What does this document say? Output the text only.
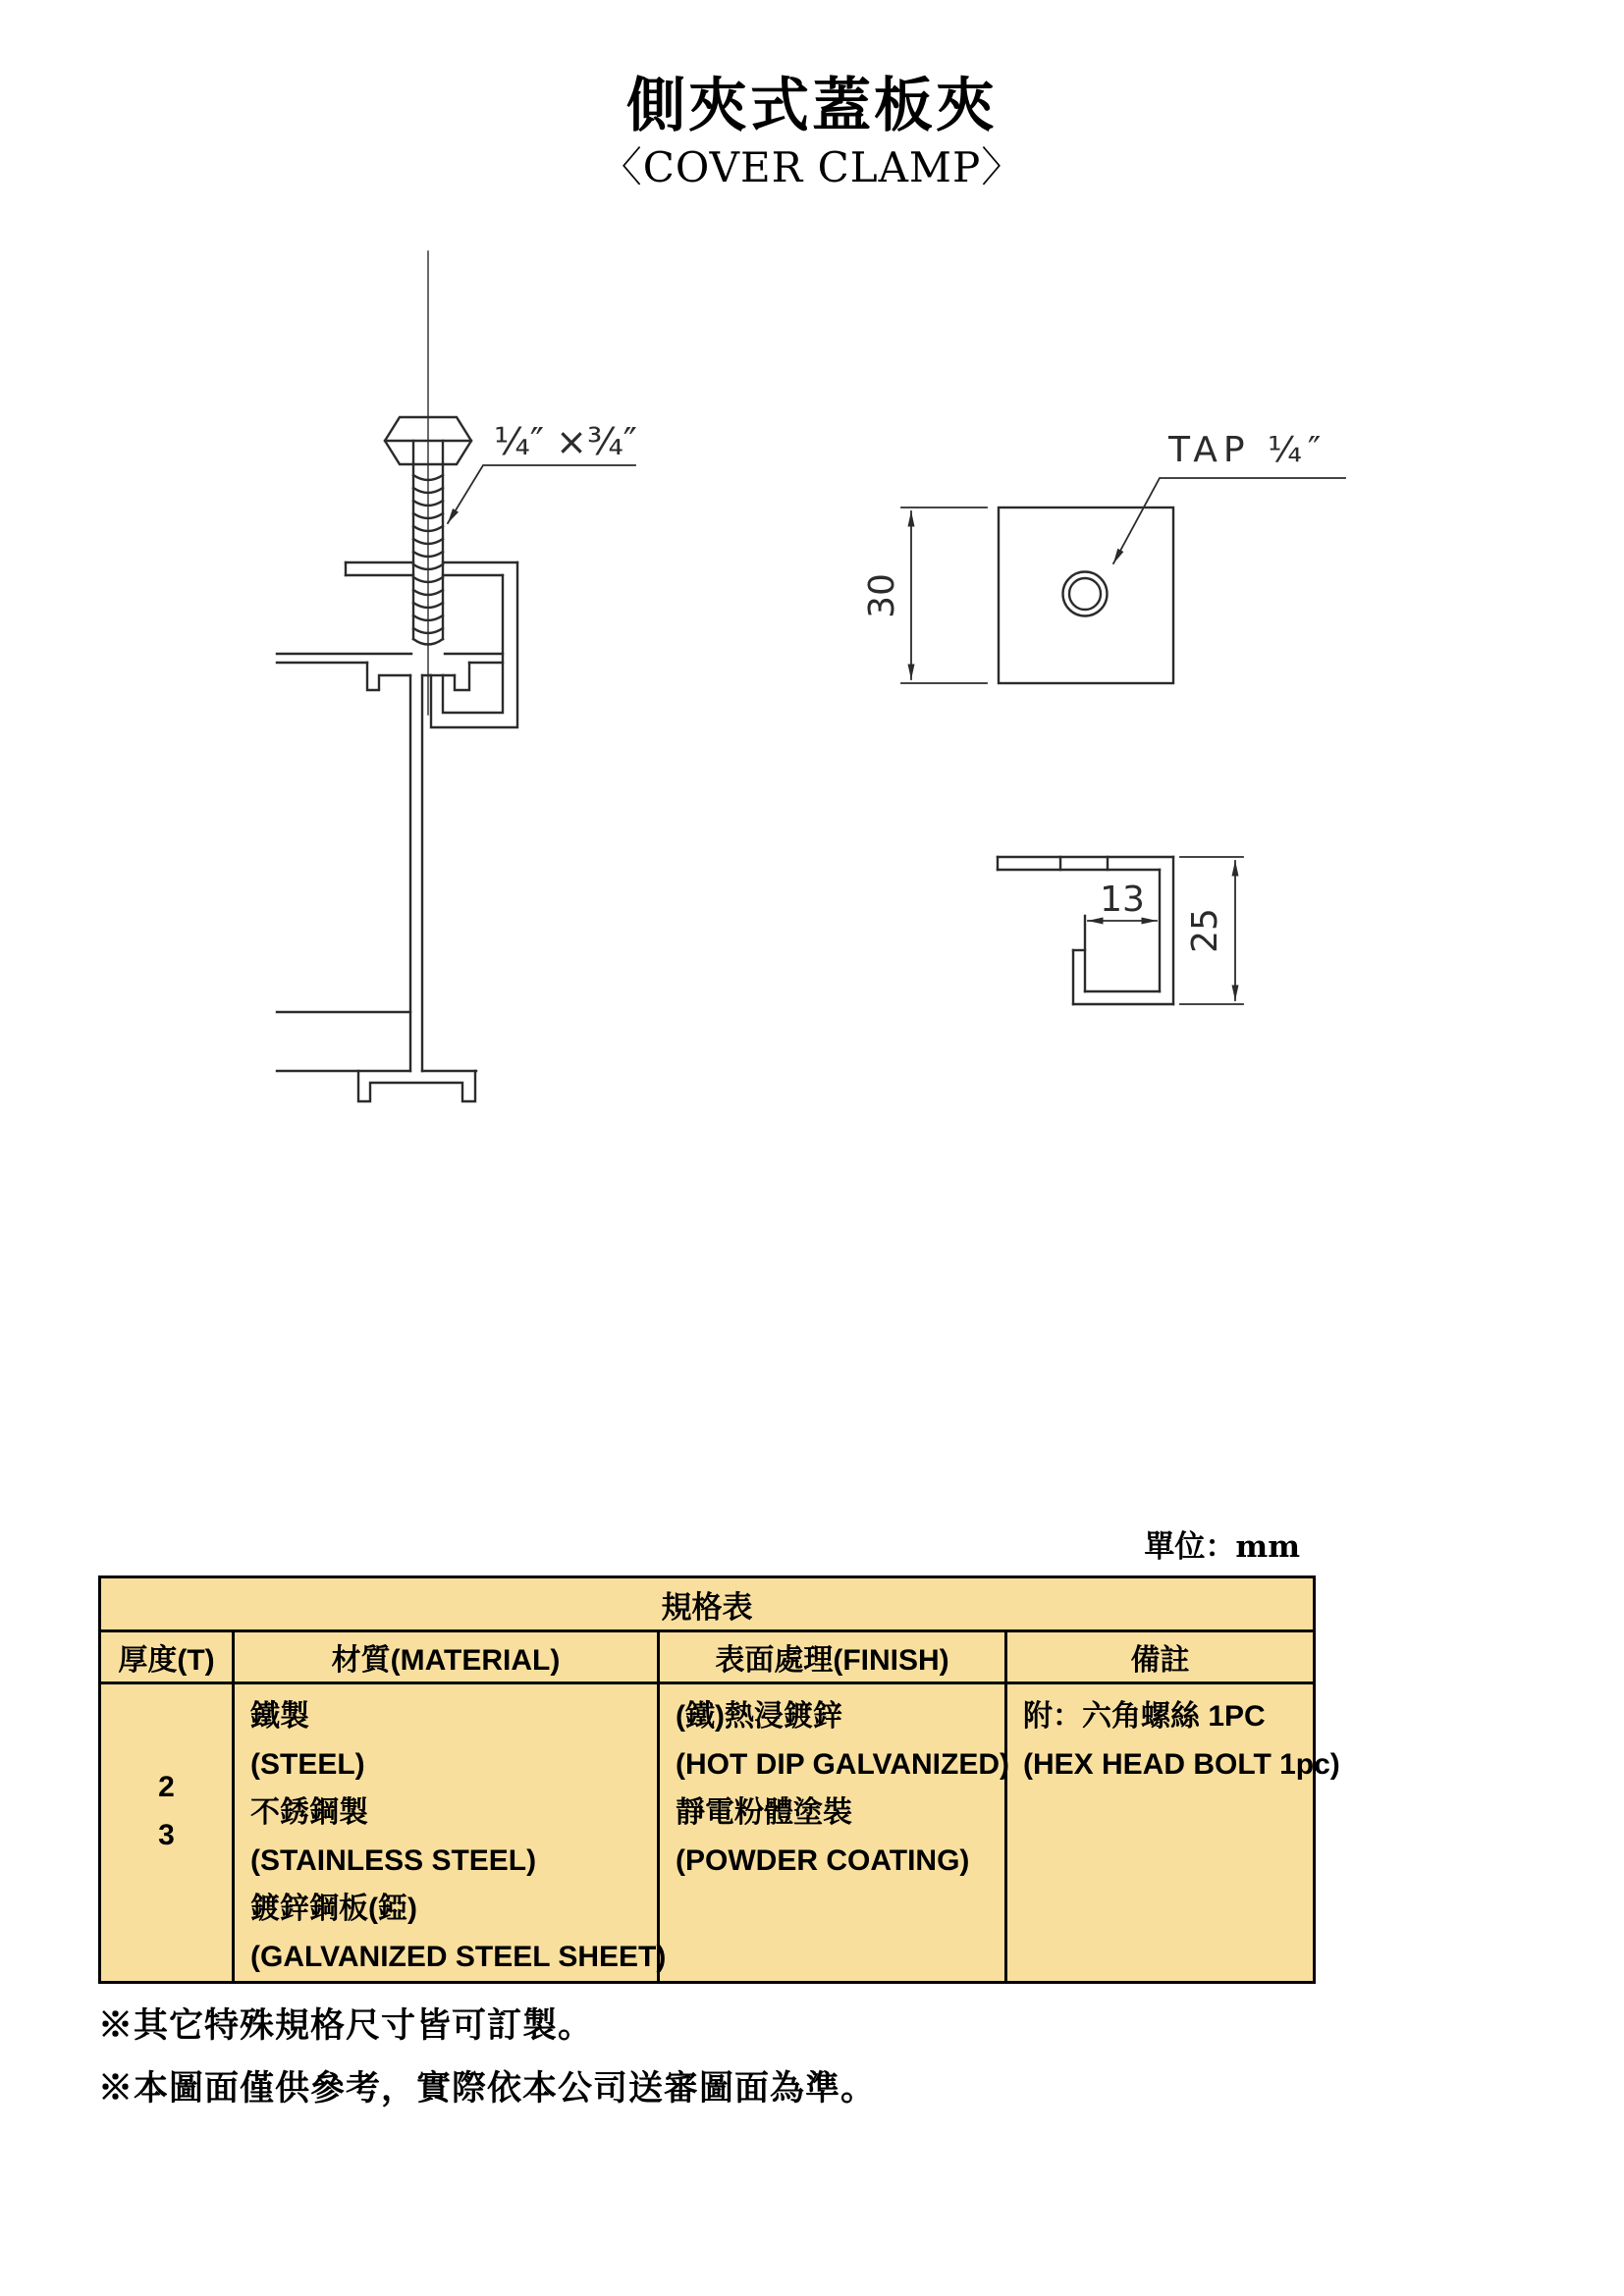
側夾式蓋板夾
〈COVER CLAMP〉
¼″ ×¾″
30
TAP ¼″
13
25
單位：mm
規格表			
厚度(T)	材質(MATERIAL)	表面處理(FINISH)	備註

2
3

鐵製
(STEEL)
不銹鋼製
(STAINLESS STEEL)
鍍鋅鋼板(錏)
(GALVANIZED STEEL SHEET)

(鐵)熱浸鍍鋅
(HOT DIP GALVANIZED)
靜電粉體塗裝
(POWDER COATING)

附：六角螺絲 1PC
(HEX HEAD BOLT 1pc)
※其它特殊規格尺寸皆可訂製。
※本圖面僅供參考，實際依本公司送審圖面為準。
